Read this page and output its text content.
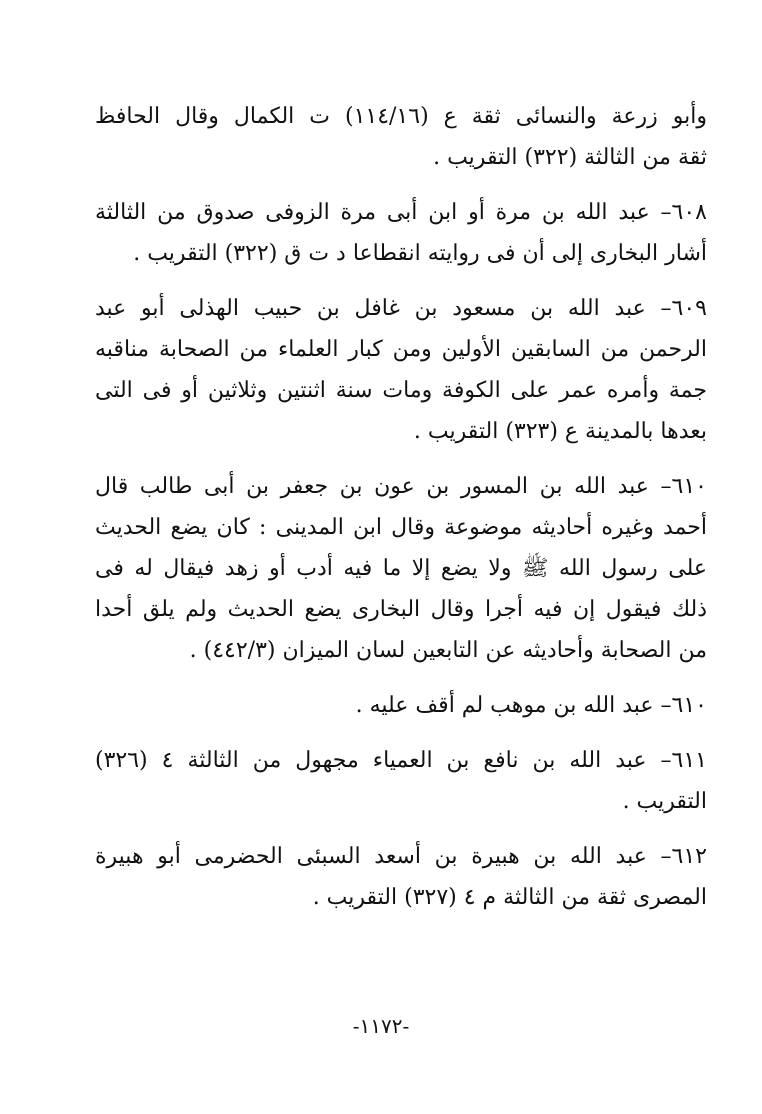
وأبو زرعة والنسائى ثقة ع (١١٤/١٦) ت الكمال وقال الحافظ
ثقة من الثالثة (٣٢٢) التقريب .
٦٠٨– عبد الله بن مرة أو ابن أبى مرة الزوفى صدوق من الثالثة
أشار البخارى إلى أن فى روايته انقطاعا د ت ق (٣٢٢) التقريب .
٦٠٩– عبد الله بن مسعود بن غافل بن حبيب الهذلى أبو عبد
الرحمن من السابقين الأولين ومن كبار العلماء من الصحابة مناقبه
جمة وأمره عمر على الكوفة ومات سنة اثنتين وثلاثين أو فى التى
بعدها بالمدينة ع (٣٢٣) التقريب .
٦١٠– عبد الله بن المسور بن عون بن جعفر بن أبى طالب قال
أحمد وغيره أحاديثه موضوعة وقال ابن المدينى : كان يضع الحديث
على رسول الله ﷺ ولا يضع إلا ما فيه أدب أو زهد فيقال له فى
ذلك فيقول إن فيه أجرا وقال البخارى يضع الحديث ولم يلق أحدا
من الصحابة وأحاديثه عن التابعين لسان الميزان (٤٤٢/٣) .
٦١٠َ– عبد الله بن موهب لم أقف عليه .
٦١١– عبد الله بن نافع بن العمياء مجهول من الثالثة ٤ (٣٢٦)
التقريب .
٦١٢– عبد الله بن هبيرة بن أسعد السبئى الحضرمى أبو هبيرة
المصرى ثقة من الثالثة م ٤ (٣٢٧) التقريب .
-١١٧٢-
